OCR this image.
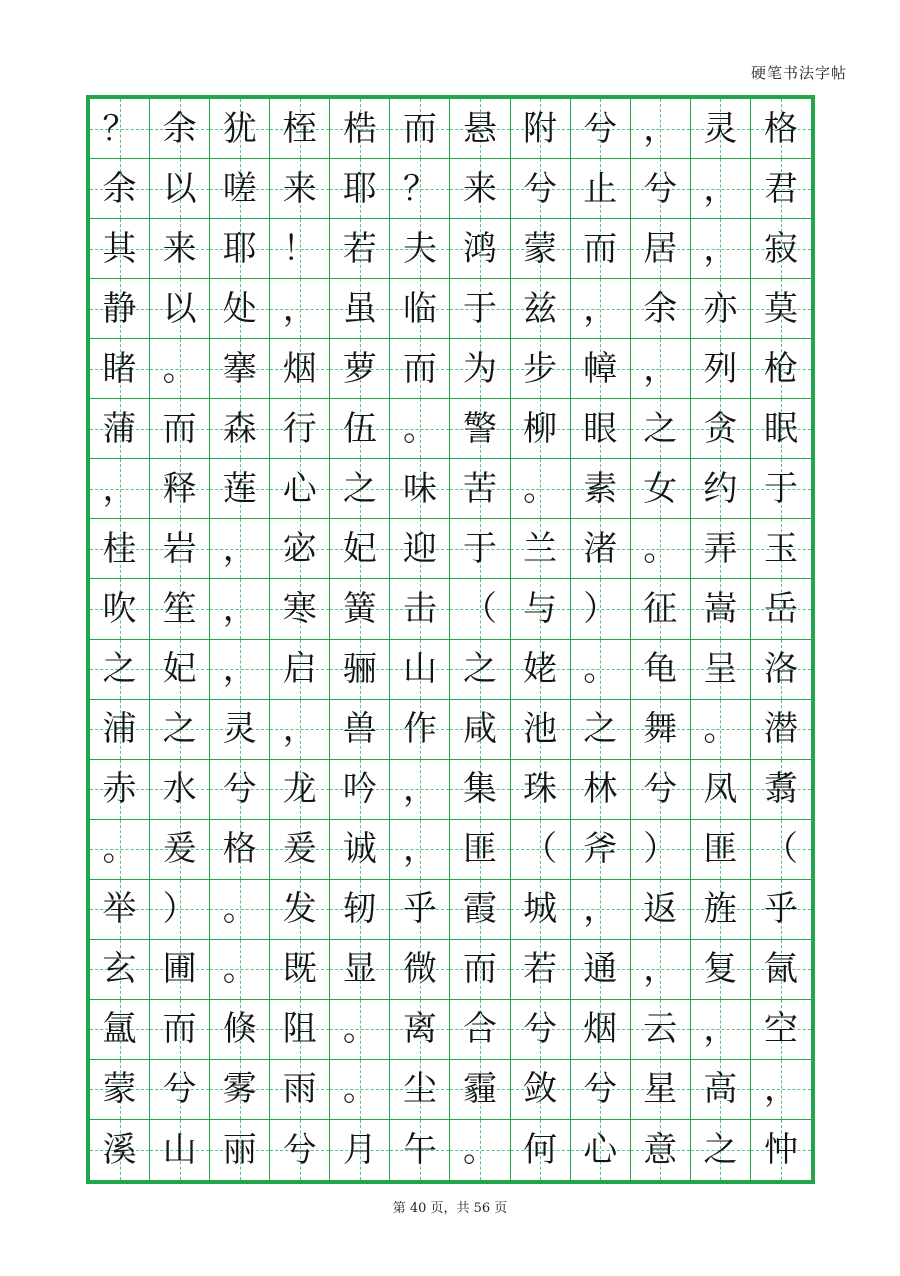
硬笔书法字帖
？ 余 犹 桎 梏 而 悬 附 兮 ， 灵 格
余 以 嗟 来 耶 ？ 来 兮 止 兮 ， 君
其 来 耶 ！ 若 夫 鸿 蒙 而 居 ， 寂
静 以 处 ， 虽 临 于 兹 ， 余 亦 莫
睹 。 搴 烟 萝 而 为 步 幛 ， 列 枪
蒲 而 森 行 伍 。 警 柳 眼 之 贪 眠
， 释 莲 心 之 味 苦 。 素 女 约 于
桂 岩 ， 宓 妃 迎 于 兰 渚 。 弄 玉
吹 笙 ， 寒 簧 击 （ 与 ） 征 嵩 岳
之 妃 ， 启 骊 山 之 姥 。 龟 呈 洛
浦 之 灵 ， 兽 作 咸 池 之 舞 。 潜
赤 水 兮 龙 吟 ， 集 珠 林 兮 凤 翥
。 爰 格 爰 诚 ， 匪 （ 斧 ） 匪 （
举 ） 。 发 轫 乎 霞 城 ， 返 旌 乎
玄 圃 。 既 显 微 而 若 通 ， 复 氤
氲 而 倏 阻 。 离 合 兮 烟 云 ， 空
蒙 兮 雾 雨 。 尘 霾 敛 兮 星 高 ，
溪 山 丽 兮 月 午 。 何 心 意 之 忡
第 40 页，共 56 页
